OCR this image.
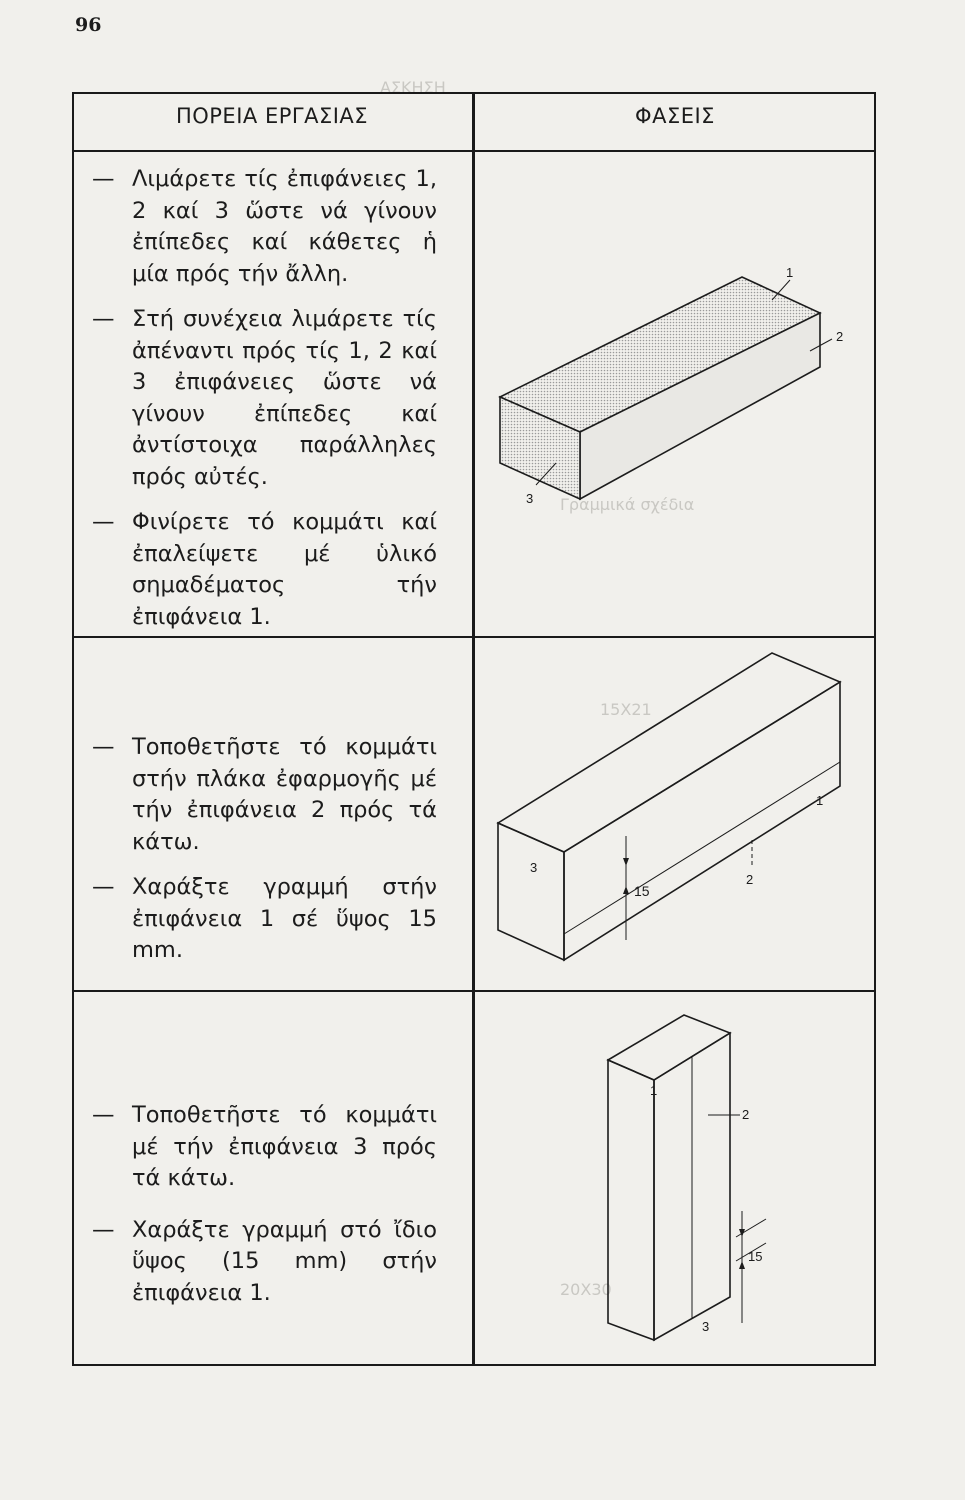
ΑΣΚΗΣΗ
Γραμμικά σχέδια
15X21
20X30
96
ΠΟΡΕΙΑ ΕΡΓΑΣΙΑΣ	ΦΑΣΕΙΣ
— Λιμάρετε τίς ἐπιφάνειες 1, 2 καί 3 ὥστε νά γίνουν ἐπίπεδες καί κάθετες ἡ μία πρός τήν ἄλλη.
— Στή συνέχεια λιμάρετε τίς ἀπέναντι πρός τίς 1, 2 καί 3 ἐπιφάνειες ὥστε νά γίνουν ἐπίπεδες καί ἀντίστοιχα παράλληλες πρός αὐτές.
— Φινίρετε τό κομμάτι καί ἐπαλείψετε μέ ὑλικό σημαδέματος τήν ἐπιφάνεια 1.
— Τοποθετῆστε τό κομμάτι στήν πλάκα ἐφαρμογῆς μέ τήν ἐπιφάνεια 2 πρός τά κάτω.
— Χαράξτε γραμμή στήν ἐπιφάνεια 1 σέ ὕψος 15 mm.
— Τοποθετῆστε τό κομμάτι μέ τήν ἐπιφάνεια 3 πρός τά κάτω.
— Χαράξτε γραμμή στό ἴδιο ὕψος (15 mm) στήν ἐπιφάνεια 1.
1
2
3
15
1
2
3
1
2
3
15
